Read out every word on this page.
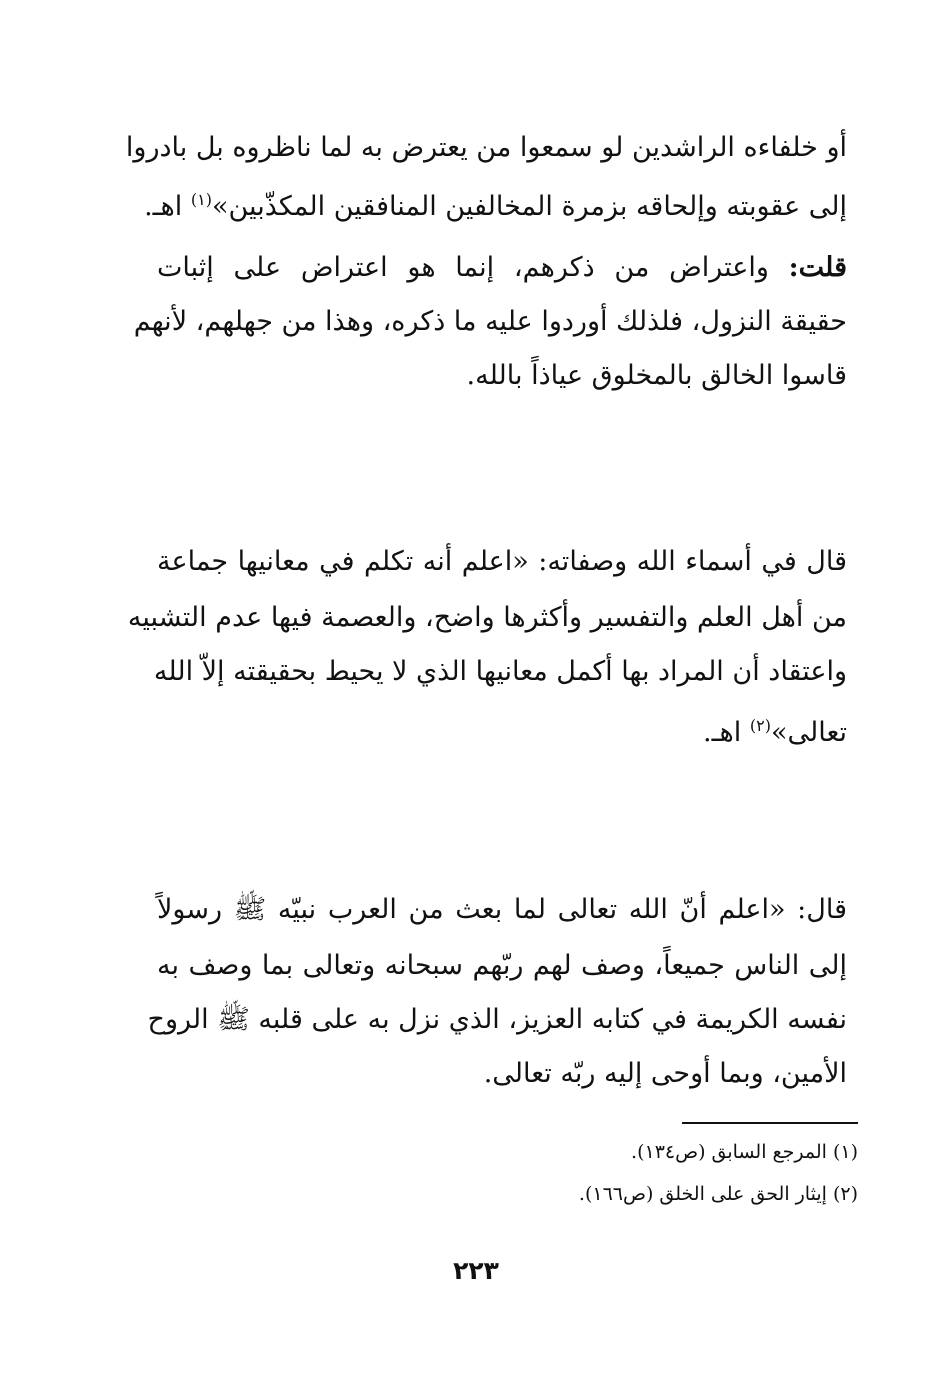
أو خلفاءه الراشدين لو سمعوا من يعترض به لما ناظروه بل بادروا
إلى عقوبته وإلحاقه بزمرة المخالفين المنافقين المكذّبين»$^{(١)}$ اهـ.
قلت: واعتراض من ذكرهم، إنما هو اعتراض على إثبات
حقيقة النزول، فلذلك أوردوا عليه ما ذكره، وهذا من جهلهم، لأنهم
قاسوا الخالق بالمخلوق عياذاً بالله.
قال في أسماء الله وصفاته: «اعلم أنه تكلم في معانيها جماعة
من أهل العلم والتفسير وأكثرها واضح، والعصمة فيها عدم التشبيه
واعتقاد أن المراد بها أكمل معانيها الذي لا يحيط بحقيقته إلاّ الله
تعالى»$^{(٢)}$ اهـ.
قال: «اعلم أنّ الله تعالى لما بعث من العرب نبيّه ﷺ رسولاً
إلى الناس جميعاً، وصف لهم ربّهم سبحانه وتعالى بما وصف به
نفسه الكريمة في كتابه العزيز، الذي نزل به على قلبه ﷺ الروح
الأمين، وبما أوحى إليه ربّه تعالى.
(١) المرجع السابق (ص١٣٤).
(٢) إيثار الحق على الخلق (ص١٦٦).
٢٢٣
